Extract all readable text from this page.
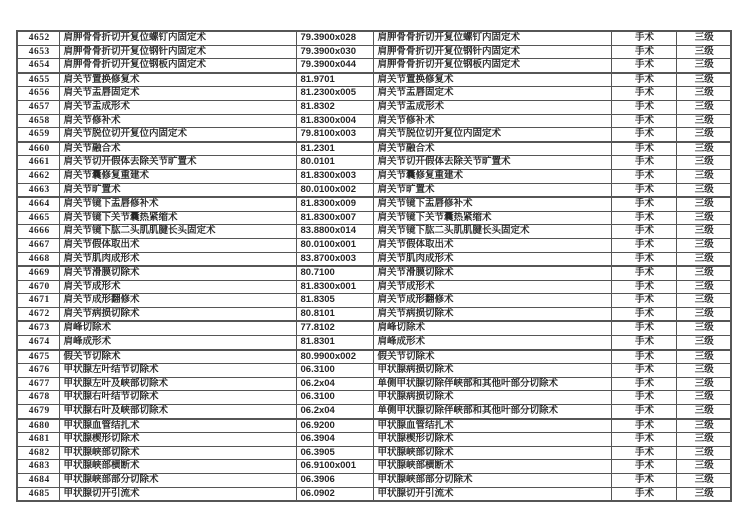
4652	肩胛骨骨折切开复位螺钉内固定术	79.3900x028	肩胛骨骨折切开复位螺钉内固定术	手术	三级
4653	肩胛骨骨折切开复位钢针内固定术	79.3900x030	肩胛骨骨折切开复位钢针内固定术	手术	三级
4654	肩胛骨骨折切开复位钢板内固定术	79.3900x044	肩胛骨骨折切开复位钢板内固定术	手术	三级
4655	肩关节置换修复术	81.9701	肩关节置换修复术	手术	三级
4656	肩关节盂唇固定术	81.2300x005	肩关节盂唇固定术	手术	三级
4657	肩关节盂成形术	81.8302	肩关节盂成形术	手术	三级
4658	肩关节修补术	81.8300x004	肩关节修补术	手术	三级
4659	肩关节脱位切开复位内固定术	79.8100x003	肩关节脱位切开复位内固定术	手术	三级
4660	肩关节融合术	81.2301	肩关节融合术	手术	三级
4661	肩关节切开假体去除关节旷置术	80.0101	肩关节切开假体去除关节旷置术	手术	三级
4662	肩关节囊修复重建术	81.8300x003	肩关节囊修复重建术	手术	三级
4663	肩关节旷置术	80.0100x002	肩关节旷置术	手术	三级
4664	肩关节镜下盂唇修补术	81.8300x009	肩关节镜下盂唇修补术	手术	三级
4665	肩关节镜下关节囊热紧缩术	81.8300x007	肩关节镜下关节囊热紧缩术	手术	三级
4666	肩关节镜下肱二头肌肌腱长头固定术	83.8800x014	肩关节镜下肱二头肌肌腱长头固定术	手术	三级
4667	肩关节假体取出术	80.0100x001	肩关节假体取出术	手术	三级
4668	肩关节肌肉成形术	83.8700x003	肩关节肌肉成形术	手术	三级
4669	肩关节滑膜切除术	80.7100	肩关节滑膜切除术	手术	三级
4670	肩关节成形术	81.8300x001	肩关节成形术	手术	三级
4671	肩关节成形翻修术	81.8305	肩关节成形翻修术	手术	三级
4672	肩关节病损切除术	80.8101	肩关节病损切除术	手术	三级
4673	肩峰切除术	77.8102	肩峰切除术	手术	三级
4674	肩峰成形术	81.8301	肩峰成形术	手术	三级
4675	假关节切除术	80.9900x002	假关节切除术	手术	三级
4676	甲状腺左叶结节切除术	06.3100	甲状腺病损切除术	手术	三级
4677	甲状腺左叶及峡部切除术	06.2x04	单侧甲状腺切除伴峡部和其他叶部分切除术	手术	三级
4678	甲状腺右叶结节切除术	06.3100	甲状腺病损切除术	手术	三级
4679	甲状腺右叶及峡部切除术	06.2x04	单侧甲状腺切除伴峡部和其他叶部分切除术	手术	三级
4680	甲状腺血管结扎术	06.9200	甲状腺血管结扎术	手术	三级
4681	甲状腺楔形切除术	06.3904	甲状腺楔形切除术	手术	三级
4682	甲状腺峡部切除术	06.3905	甲状腺峡部切除术	手术	三级
4683	甲状腺峡部横断术	06.9100x001	甲状腺峡部横断术	手术	三级
4684	甲状腺峡部部分切除术	06.3906	甲状腺峡部部分切除术	手术	三级
4685	甲状腺切开引流术	06.0902	甲状腺切开引流术	手术	三级
